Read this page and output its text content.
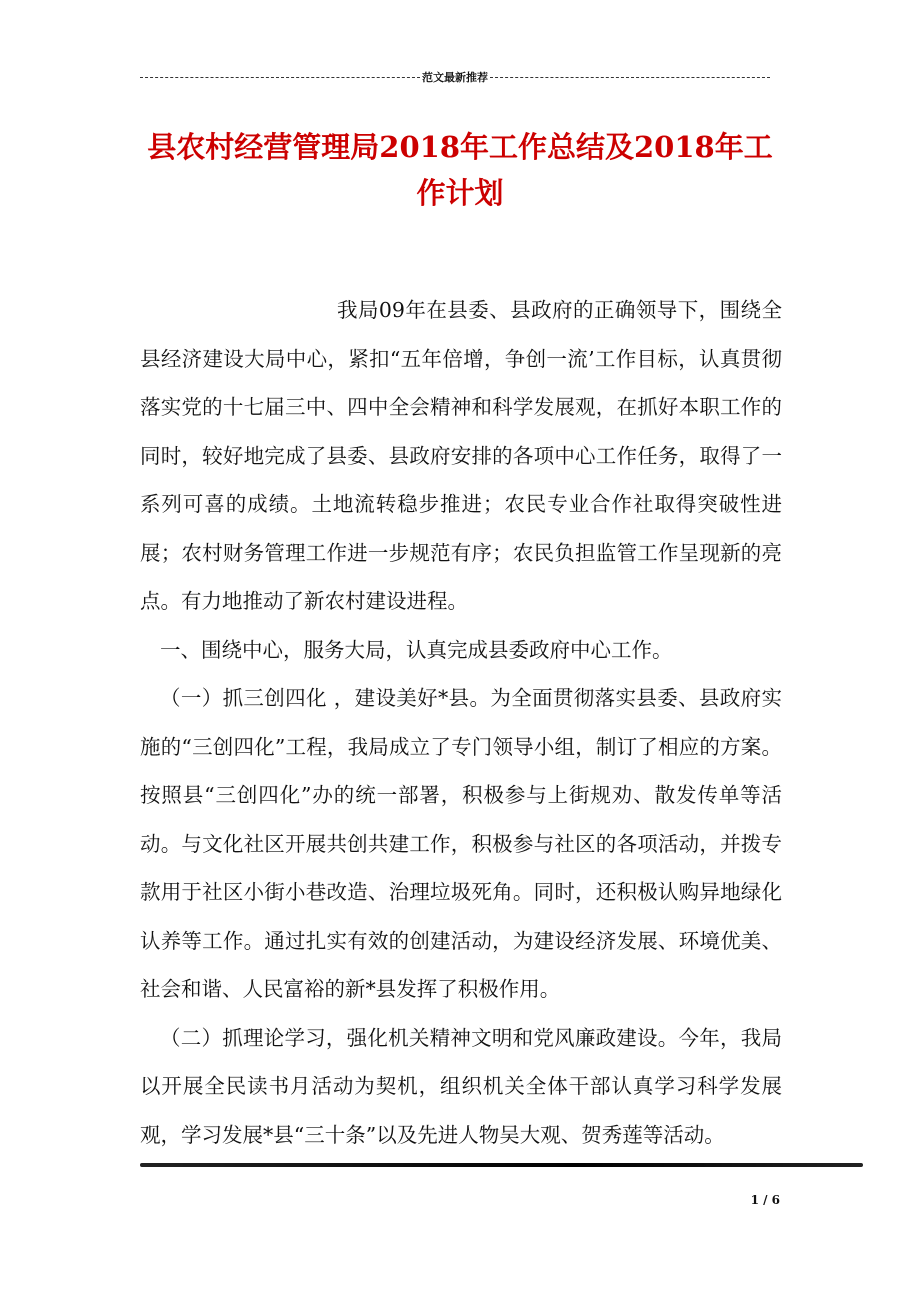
范文最新推荐
县农村经营管理局2018年工作总结及2018年工
作计划

我局09年在县委、县政府的正确领导下，围绕全县经济建设大局中心，紧扣“五年倍增，争创一流’工作目标，认真贯彻落实党的十七届三中、四中全会精神和科学发展观，在抓好本职工作的同时，较好地完成了县委、县政府安排的各项中心工作任务，取得了一系列可喜的成绩。土地流转稳步推进；农民专业合作社取得突破性进展；农村财务管理工作进一步规范有序；农民负担监管工作呈现新的亮点。有力地推动了新农村建设进程。

一、围绕中心，服务大局，认真完成县委政府中心工作。

（一）抓三创四化 ，建设美好*县。为全面贯彻落实县委、县政府实施的“三创四化”工程，我局成立了专门领导小组，制订了相应的方案。按照县“三创四化”办的统一部署，积极参与上街规劝、散发传单等活动。与文化社区开展共创共建工作，积极参与社区的各项活动，并拨专款用于社区小街小巷改造、治理垃圾死角。同时，还积极认购异地绿化认养等工作。通过扎实有效的创建活动，为建设经济发展、环境优美、社会和谐、人民富裕的新*县发挥了积极作用。

（二）抓理论学习，强化机关精神文明和党风廉政建设。今年，我局以开展全民读书月活动为契机，组织机关全体干部认真学习科学发展观，学习发展*县“三十条”以及先进人物吴大观、贺秀莲等活动。

1 / 6
